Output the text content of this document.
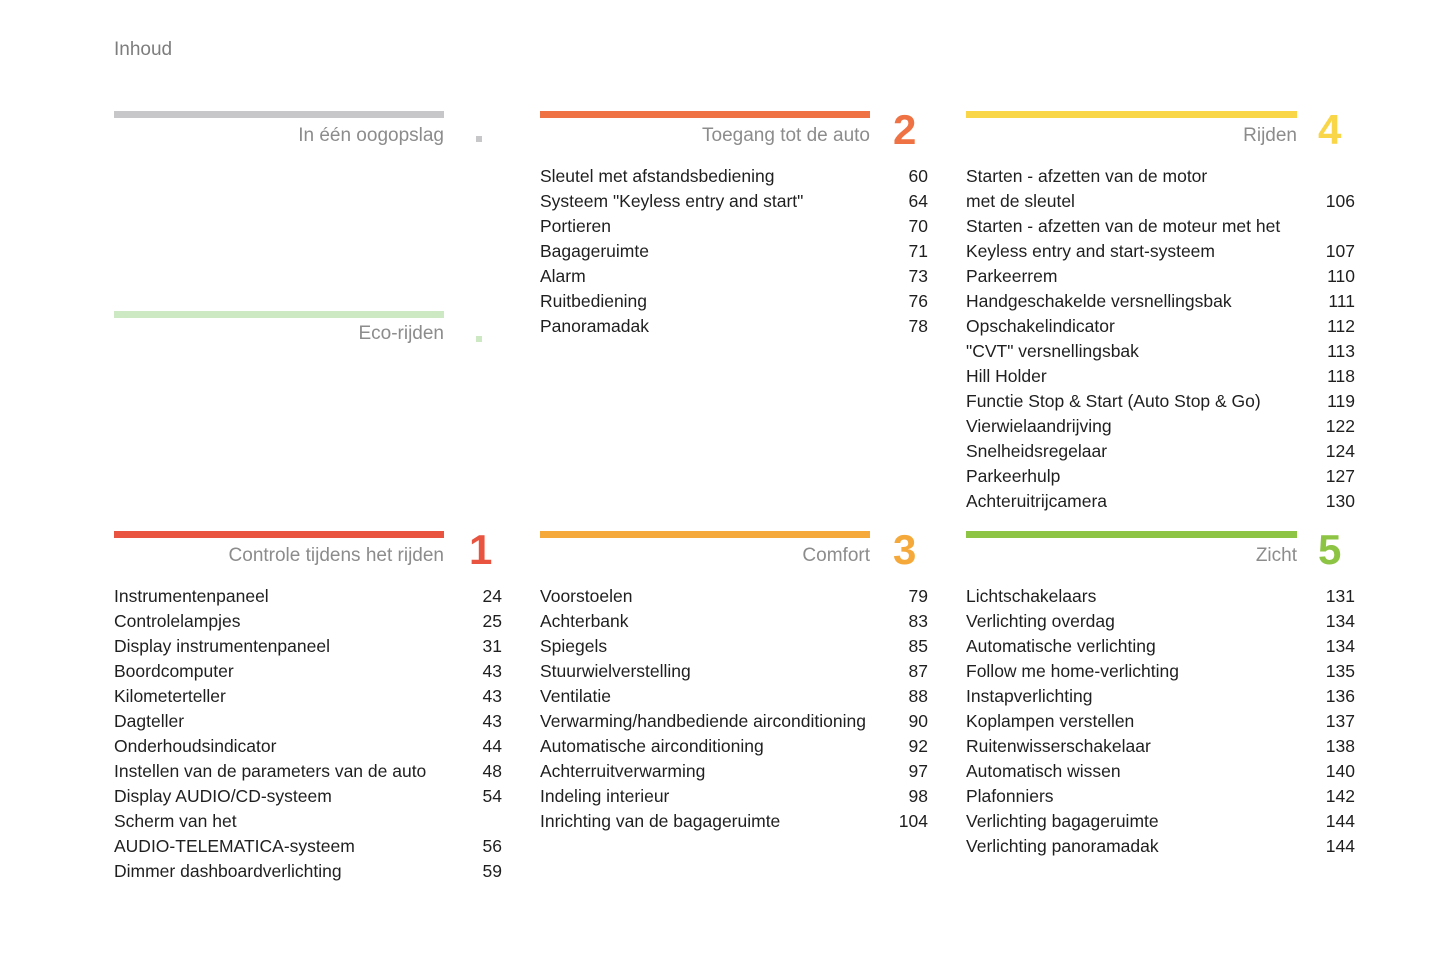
Inhoud
In één oogopslag
Eco-rijden
Controle tijdens het rijden 1
Instrumentenpaneel	24
Controlelampjes	25
Display instrumentenpaneel	31
Boordcomputer	43
Kilometerteller	43
Dagteller	43
Onderhoudsindicator	44
Instellen van de parameters van de auto	48
Display AUDIO/CD-systeem	54
Scherm van het
AUDIO-TELEMATICA-systeem	56
Dimmer dashboardverlichting	59
Toegang tot de auto 2
Sleutel met afstandsbediening	60
Systeem "Keyless entry and start"	64
Portieren	70
Bagageruimte	71
Alarm	73
Ruitbediening	76
Panoramadak	78
Comfort 3
Voorstoelen	79
Achterbank	83
Spiegels	85
Stuurwielverstelling	87
Ventilatie	88
Verwarming/handbediende airconditioning	90
Automatische airconditioning	92
Achterruitverwarming	97
Indeling interieur	98
Inrichting van de bagageruimte	104
Rijden 4
Starten - afzetten van de motor
met de sleutel	106
Starten - afzetten van de moteur met het
Keyless entry and start-systeem	107
Parkeerrem	110
Handgeschakelde versnellingsbak	111
Opschakelindicator	112
"CVT" versnellingsbak	113
Hill Holder	118
Functie Stop & Start (Auto Stop & Go)	119
Vierwielaandrijving	122
Snelheidsregelaar	124
Parkeerhulp	127
Achteruitrijcamera	130
Zicht 5
Lichtschakelaars	131
Verlichting overdag	134
Automatische verlichting	134
Follow me home-verlichting	135
Instapverlichting	136
Koplampen verstellen	137
Ruitenwisserschakelaar	138
Automatisch wissen	140
Plafonniers	142
Verlichting bagageruimte	144
Verlichting panoramadak	144
